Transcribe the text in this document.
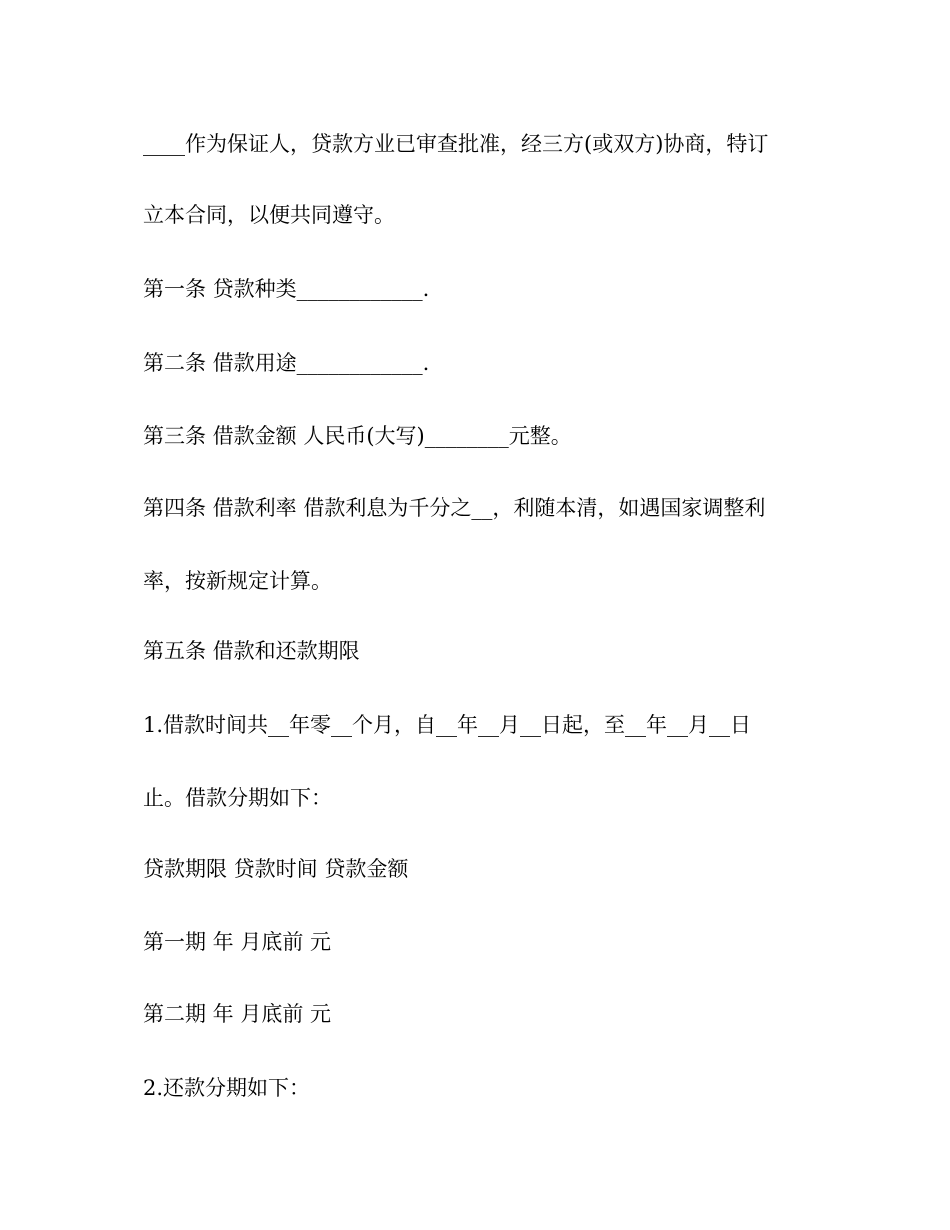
____作为保证人，贷款方业已审查批准，经三方(或双方)协商，特订
立本合同，以便共同遵守。
第一条 贷款种类____________.
第二条 借款用途____________.
第三条 借款金额 人民币(大写)________元整。
第四条 借款利率 借款利息为千分之__，利随本清，如遇国家调整利
率，按新规定计算。
第五条 借款和还款期限
1.借款时间共__年零__个月，自__年__月__日起，至__年__月__日
止。借款分期如下：
贷款期限 贷款时间 贷款金额
第一期 年 月底前 元
第二期 年 月底前 元
2.还款分期如下：
